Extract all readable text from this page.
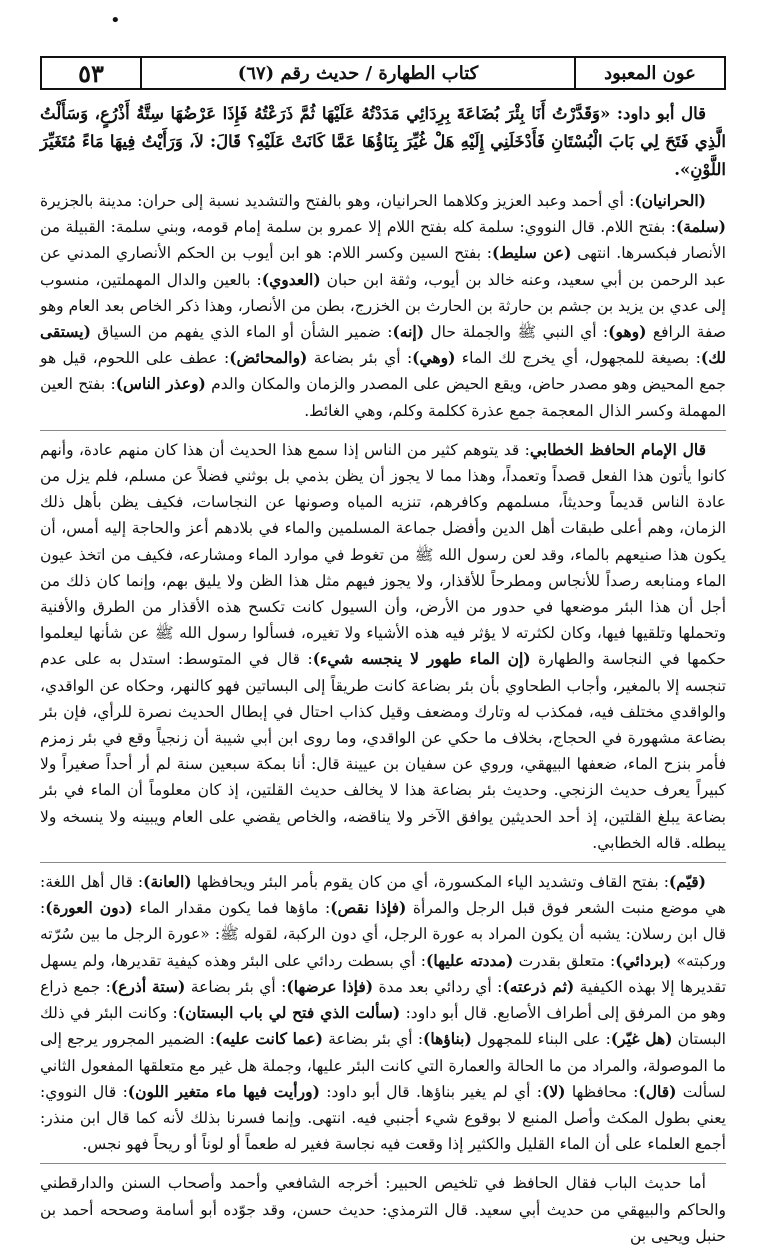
•
عون المعبود
كتاب الطهارة / حديث رقم (٦٧)
٥٣

قال أبو داود: «وَقَدَّرْتُ أَنَا بِئْرَ بُضَاعَةَ بِرِدَائِي مَدَدْتُهُ عَلَيْهَا ثُمَّ ذَرَعْتُهُ فَإِذَا عَرْضُهَا سِتَّةُ أَذْرُعٍ، وَسَأَلْتُ الَّذِي فَتَحَ لِي بَابَ الْبُسْتَانِ فَأَدْخَلَنِي إِلَيْهِ هَلْ غُيِّرَ بِنَاؤُهَا عَمَّا كَانَتْ عَلَيْهِ؟ قَالَ: لاَ، وَرَأَيْتُ فِيهَا مَاءً مُتَغَيِّرَ اللَّوْنِ».

(الحرانيان): أي أحمد وعبد العزيز وكلاهما الحرانيان، وهو بالفتح والتشديد نسبة إلى حران: مدينة بالجزيرة (سلمة): بفتح اللام. قال النووي: سلمة كله بفتح اللام إلا عمرو بن سلمة إمام قومه، وبني سلمة: القبيلة من الأنصار فبكسرها. انتهى (عن سليط): بفتح السين وكسر اللام: هو ابن أيوب بن الحكم الأنصاري المدني عن عبد الرحمن بن أبي سعيد، وعنه خالد بن أيوب، وثقة ابن حبان (العدوي): بالعين والدال المهملتين، منسوب إلى عدي بن يزيد بن جشم بن حارثة بن الحارث بن الخزرج، بطن من الأنصار، وهذا ذكر الخاص بعد العام وهو صفة الرافع (وهو): أي النبي ﷺ والجملة حال (إنه): ضمير الشأن أو الماء الذي يفهم من السياق (يستقى لك): بصيغة للمجهول، أي يخرج لك الماء (وهي): أي بئر بضاعة (والمحائض): عطف على اللحوم، قيل هو جمع المحيض وهو مصدر حاض، ويقع الحيض على المصدر والزمان والمكان والدم (وعذر الناس): بفتح العين المهملة وكسر الذال المعجمة جمع عذرة ككلمة وكلم، وهي الغائط.

قال الإمام الحافظ الخطابي: قد يتوهم كثير من الناس إذا سمع هذا الحديث أن هذا كان منهم عادة، وأنهم كانوا يأتون هذا الفعل قصداً وتعمداً، وهذا مما لا يجوز أن يظن بذمي بل بوثني فضلاً عن مسلم، فلم يزل من عادة الناس قديماً وحديثاً، مسلمهم وكافرهم، تنزيه المياه وصونها عن النجاسات، فكيف يظن بأهل ذلك الزمان، وهم أعلى طبقات أهل الدين وأفضل جماعة المسلمين والماء في بلادهم أعز والحاجة إليه أمس، أن يكون هذا صنيعهم بالماء، وقد لعن رسول الله ﷺ من تغوط في موارد الماء ومشارعه، فكيف من اتخذ عيون الماء ومنابعه رصداً للأنجاس ومطرحاً للأقذار، ولا يجوز فيهم مثل هذا الظن ولا يليق بهم، وإنما كان ذلك من أجل أن هذا البئر موضعها في حدور من الأرض، وأن السيول كانت تكسح هذه الأقذار من الطرق والأفنية وتحملها وتلقيها فيها، وكان لكثرته لا يؤثر فيه هذه الأشياء ولا تغيره، فسألوا رسول الله ﷺ عن شأنها ليعلموا حكمها في النجاسة والطهارة (إن الماء طهور لا ينجسه شيء): قال في المتوسط: استدل به على عدم تنجسه إلا بالمغير، وأجاب الطحاوي بأن بئر بضاعة كانت طريقاً إلى البساتين فهو كالنهر، وحكاه عن الواقدي، والواقدي مختلف فيه، فمكذب له وتارك ومضعف وقيل كذاب احتال في إبطال الحديث نصرة للرأي، فإن بئر بضاعة مشهورة في الحجاج، بخلاف ما حكي عن الواقدي، وما روى ابن أبي شيبة أن زنجياً وقع في بئر زمزم فأمر بنزح الماء، ضعفها البيهقي، وروي عن سفيان بن عيينة قال: أنا بمكة سبعين سنة لم أر أحداً صغيراً ولا كبيراً يعرف حديث الزنجي. وحديث بئر بضاعة هذا لا يخالف حديث القلتين، إذ كان معلوماً أن الماء في بئر بضاعة يبلغ القلتين، إذ أحد الحديثين يوافق الآخر ولا يناقضه، والخاص يقضي على العام ويبينه ولا ينسخه ولا يبطله. قاله الخطابي.

(قيّم): بفتح القاف وتشديد الياء المكسورة، أي من كان يقوم بأمر البئر ويحافظها (العانة): قال أهل اللغة: هي موضع منبت الشعر فوق قبل الرجل والمرأة (فإذا نقص): ماؤها فما يكون مقدار الماء (دون العورة): قال ابن رسلان: يشبه أن يكون المراد به عورة الرجل، أي دون الركبة، لقوله ﷺ: «عورة الرجل ما بين سُرّته وركبته» (بردائي): متعلق بقدرت (مددته عليها): أي بسطت ردائي على البئر وهذه كيفية تقديرها، ولم يسهل تقديرها إلا بهذه الكيفية (ثم ذرعته): أي ردائي بعد مدة (فإذا عرضها): أي بئر بضاعة (ستة أذرع): جمع ذراع وهو من المرفق إلى أطراف الأصابع. قال أبو داود: (سألت الذي فتح لي باب البستان): وكانت البئر في ذلك البستان (هل غيّر): على البناء للمجهول (بناؤها): أي بئر بضاعة (عما كانت عليه): الضمير المجرور يرجع إلى ما الموصولة، والمراد من ما الحالة والعمارة التي كانت البئر عليها، وجملة هل غير مع متعلقها المفعول الثاني لسألت (قال): محافظها (لا): أي لم يغير بناؤها. قال أبو داود: (ورأيت فيها ماء متغير اللون): قال النووي: يعني بطول المكث وأصل المنبع لا بوقوع شيء أجنبي فيه. انتهى. وإنما فسرنا بذلك لأنه كما قال ابن منذر: أجمع العلماء على أن الماء القليل والكثير إذا وقعت فيه نجاسة فغير له طعماً أو لوناً أو ريحاً فهو نجس.

أما حديث الباب فقال الحافظ في تلخيص الحبير: أخرجه الشافعي وأحمد وأصحاب السنن والدارقطني والحاكم والبيهقي من حديث أبي سعيد. قال الترمذي: حديث حسن، وقد جوّده أبو أسامة وصححه أحمد بن حنبل ويحيى بن
